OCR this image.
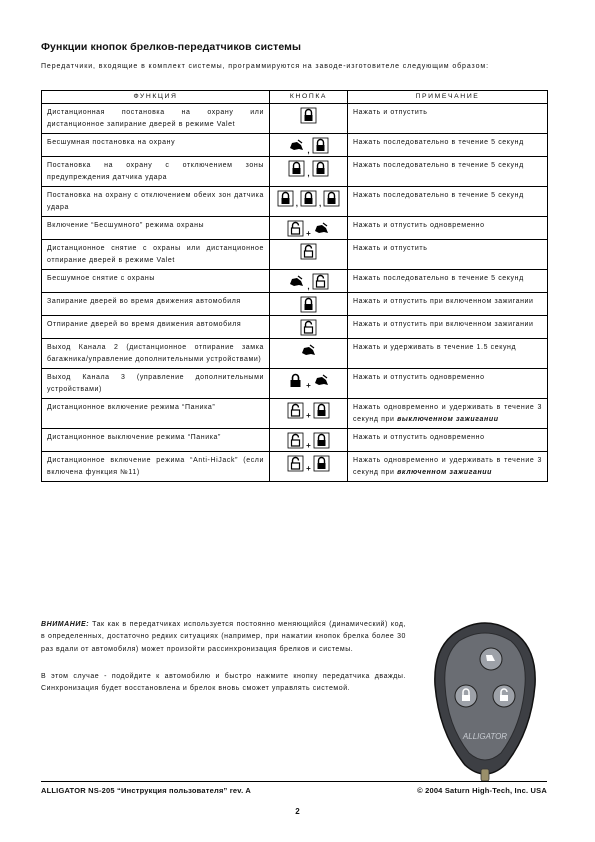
Функции кнопок брелков-передатчиков системы
Передатчики, входящие в комплект системы, программируются на заводе-изготовителе следующим образом:
ФУНКЦИЯ	КНОПКА	ПРИМЕЧАНИЕ
Дистанционная постановка на охрану или дистанционное запирание дверей в режиме Valet		Нажать и отпустить
Бесшумная постановка на охрану	,	Нажать последовательно в течение 5 секунд
Постановка на охрану с отключением зоны предупреждения датчика удара	,	Нажать последовательно в течение 5 секунд
Постановка на охрану с отключением обеих зон датчика удара	, ,	Нажать последовательно в течение 5 секунд
Включение “Бесшумного” режима охраны	+	Нажать и отпустить одновременно
Дистанционное снятие с охраны или дистанционное отпирание дверей в режиме Valet		Нажать и отпустить
Бесшумное снятие с охраны	,	Нажать последовательно в течение 5 секунд
Запирание дверей во время движения автомобиля		Нажать и отпустить при включенном зажигании
Отпирание дверей во время движения автомобиля		Нажать и отпустить при включенном зажигании
Выход Канала 2 (дистанционное отпирание замка багажника/управление дополнительными устройствами)		Нажать и удерживать в течение 1.5 секунд
Выход Канала 3 (управление дополнительными устройствами)	+	Нажать и отпустить одновременно
Дистанционное включение режима “Паника”	+	Нажать одновременно и удерживать в течение 3 секунд при выключенном зажигании
Дистанционное выключение режима “Паника”	+	Нажать и отпустить одновременно
Дистанционное включение режима “Anti-HiJack” (если включена функция №11)	+	Нажать одновременно и удерживать в течение 3 секунд при включенном зажигании
ВНИМАНИЕ: Так как в передатчиках используется постоянно меняющийся (динамический) код, в определенных, достаточно редких ситуациях (например, при нажатии кнопок брелка более 30 раз вдали от автомобиля) может произойти рассинхронизация брелков и системы.
В этом случае - подойдите к автомобилю и быстро нажмите кнопку передатчика дважды. Синхронизация будет восстановлена и брелок вновь сможет управлять системой.
ALLIGATOR
ALLIGATOR NS-205 “Инструкция пользователя” rev. A	© 2004 Saturn High-Tech, Inc. USA
2
